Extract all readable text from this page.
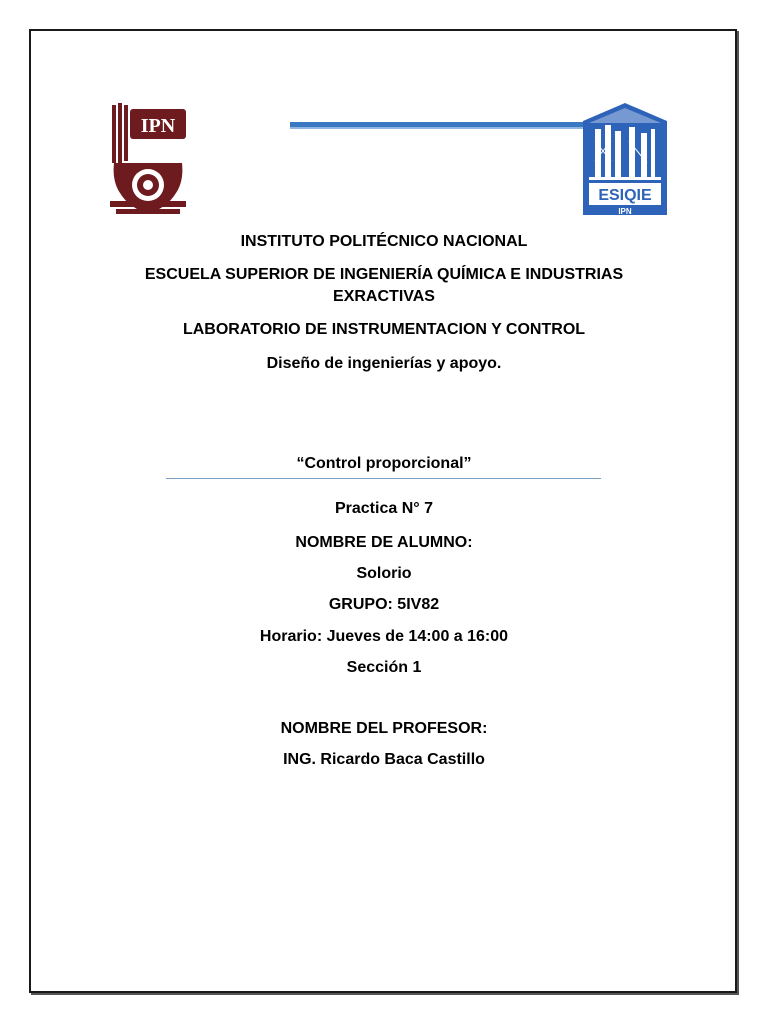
IPN
ESIQIE
IPN
INSTITUTO POLITÉCNICO NACIONAL
ESCUELA SUPERIOR DE INGENIERÍA QUÍMICA E INDUSTRIAS
EXRACTIVAS
LABORATORIO DE INSTRUMENTACION Y CONTROL
Diseño de ingenierías y apoyo.
“Control proporcional”
Practica N° 7
NOMBRE DE ALUMNO:
Solorio
GRUPO: 5IV82
Horario: Jueves de 14:00 a 16:00
Sección 1
NOMBRE DEL PROFESOR:
ING. Ricardo Baca Castillo
